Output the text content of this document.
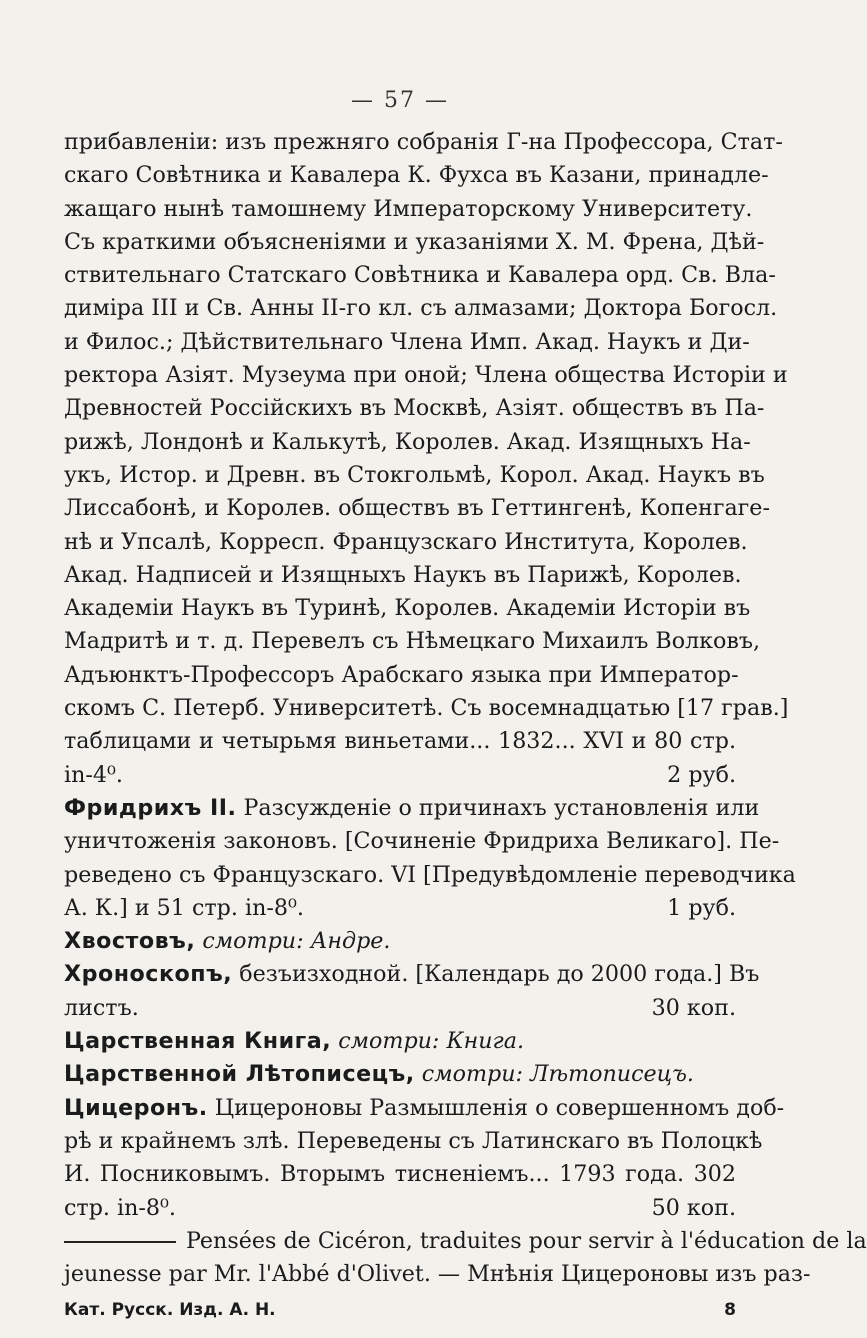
— 57 —
прибавленіи: изъ прежняго собранія Г-на Профессора, Стат-
скаго Совѣтника и Кавалера К. Фухса въ Казани, принадле-
жащаго нынѣ тамошнему Императорскому Университету.
Съ краткими объясненіями и указаніями Х. М. Френа, Дѣй-
ствительнаго Статскаго Совѣтника и Кавалера орд. Св. Вла-
диміра III и Св. Анны II-го кл. съ алмазами; Доктора Богосл.
и Филос.; Дѣйствительнаго Члена Имп. Акад. Наукъ и Ди-
ректора Азіят. Музеума при оной; Члена общества Исторіи и
Древностей Россійскихъ въ Москвѣ, Азіят. обществъ въ Па-
рижѣ, Лондонѣ и Калькутѣ, Королев. Акад. Изящныхъ На-
укъ, Истор. и Древн. въ Стокгольмѣ, Корол. Акад. Наукъ въ
Лиссабонѣ, и Королев. обществъ въ Геттингенѣ, Копенгаге-
нѣ и Упсалѣ, Корресп. Французскаго Института, Королев.
Акад. Надписей и Изящныхъ Наукъ въ Парижѣ, Королев.
Академіи Наукъ въ Туринѣ, Королев. Академіи Исторіи въ
Мадритѣ и т. д. Перевелъ съ Нѣмецкаго Михаилъ Волковъ,
Адъюнктъ-Профессоръ Арабскаго языка при Император-
скомъ С. Петерб. Университетѣ. Съ восемнадцатью [17 грав.]
таблицами и четырьмя виньетами... 1832... XVI и 80 стр.
in-4⁰.	2 руб.
Фридрихъ II. Разсужденіе о причинахъ установленія или
уничтоженія законовъ. [Сочиненіе Фридриха Великаго]. Пе-
реведено съ Французскаго. VI [Предувѣдомленіе переводчика
А. К.] и 51 стр. in-8⁰.	1 руб.
Хвостовъ, смотри: Андре.
Хроноскопъ, безъизходной. [Календарь до 2000 года.] Въ
листъ.	30 коп.
Царственная Книга, смотри: Книга.
Царственной Лѣтописецъ, смотри: Лѣтописецъ.
Цицеронъ. Цицероновы Размышленія о совершенномъ доб-
рѣ и крайнемъ злѣ. Переведены съ Латинскаго въ Полоцкѣ
И. Посниковымъ. Вторымъ тисненіемъ... 1793 года. 302
стр. in-8⁰.	50 коп.
Pensées de Cicéron, traduites pour servir à l'éducation de la
jeunesse par Mr. l'Abbé d'Olivet. — Мнѣнія Цицероновы изъ раз-
Кат. Русск. Изд. А. Н.	8
